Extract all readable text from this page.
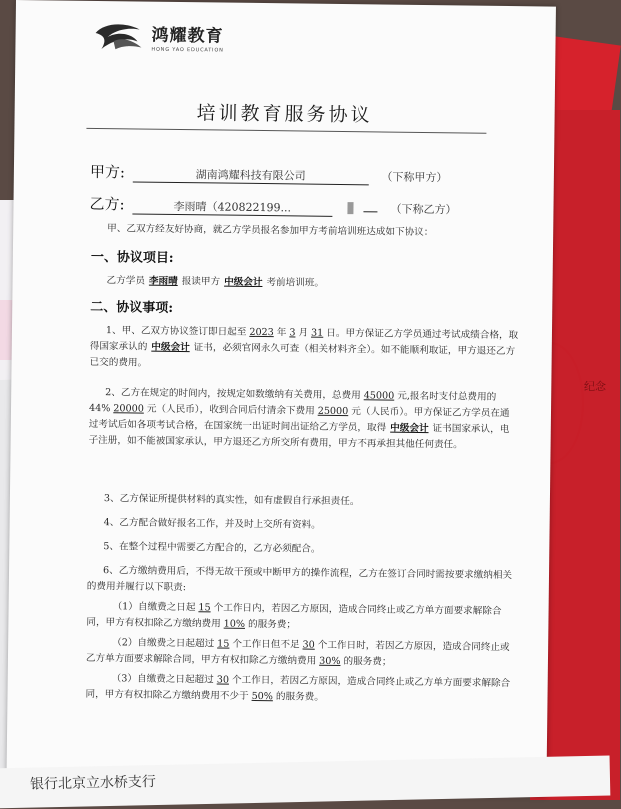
纪念
鸿耀教育
HONG YAO EDUCATION
培训教育服务协议
甲方:	湖南鸿耀科技有限公司	（下称甲方）
乙方:	李雨晴（420822199...	（下称乙方）
甲、乙双方经友好协商，就乙方学员报名参加甲方考前培训班达成如下协议：
一、协议项目:
乙方学员 李雨晴 报读甲方 中级会计 考前培训班。
二、协议事项:
1、甲、乙双方协议签订即日起至 2023 年 3 月 31 日。甲方保证乙方学员通过考试成绩合格，取得国家承认的 中级会计 证书，必须官网永久可查（相关材料齐全）。如不能顺利取证，甲方退还乙方已交的费用。
2、乙方在规定的时间内，按规定如数缴纳有关费用，总费用 45000 元,报名时支付总费用的44% 20000 元（人民币），收到合同后付清余下费用 25000 元（人民币）。甲方保证乙方学员在通过考试后如各项考试合格，在国家统一出证时间出证给乙方学员，取得 中级会计 证书国家承认，电子注册，如不能被国家承认，甲方退还乙方所交所有费用，甲方不再承担其他任何责任。
3、乙方保证所提供材料的真实性，如有虚假自行承担责任。
4、乙方配合做好报名工作，并及时上交所有资料。
5、在整个过程中需要乙方配合的，乙方必须配合。
6、乙方缴纳费用后，不得无故干预或中断甲方的操作流程，乙方在签订合同时需按要求缴纳相关的费用并履行以下职责:
（1）自缴费之日起 15 个工作日内，若因乙方原因，造成合同终止或乙方单方面要求解除合同，甲方有权扣除乙方缴纳费用 10% 的服务费；
（2）自缴费之日起超过 15 个工作日但不足 30 个工作日时，若因乙方原因，造成合同终止或乙方单方面要求解除合同，甲方有权扣除乙方缴纳费用 30% 的服务费；
（3）自缴费之日起超过 30 个工作日，若因乙方原因，造成合同终止或乙方单方面要求解除合同，甲方有权扣除乙方缴纳费用不少于 50% 的服务费。
银行北京立水桥支行
